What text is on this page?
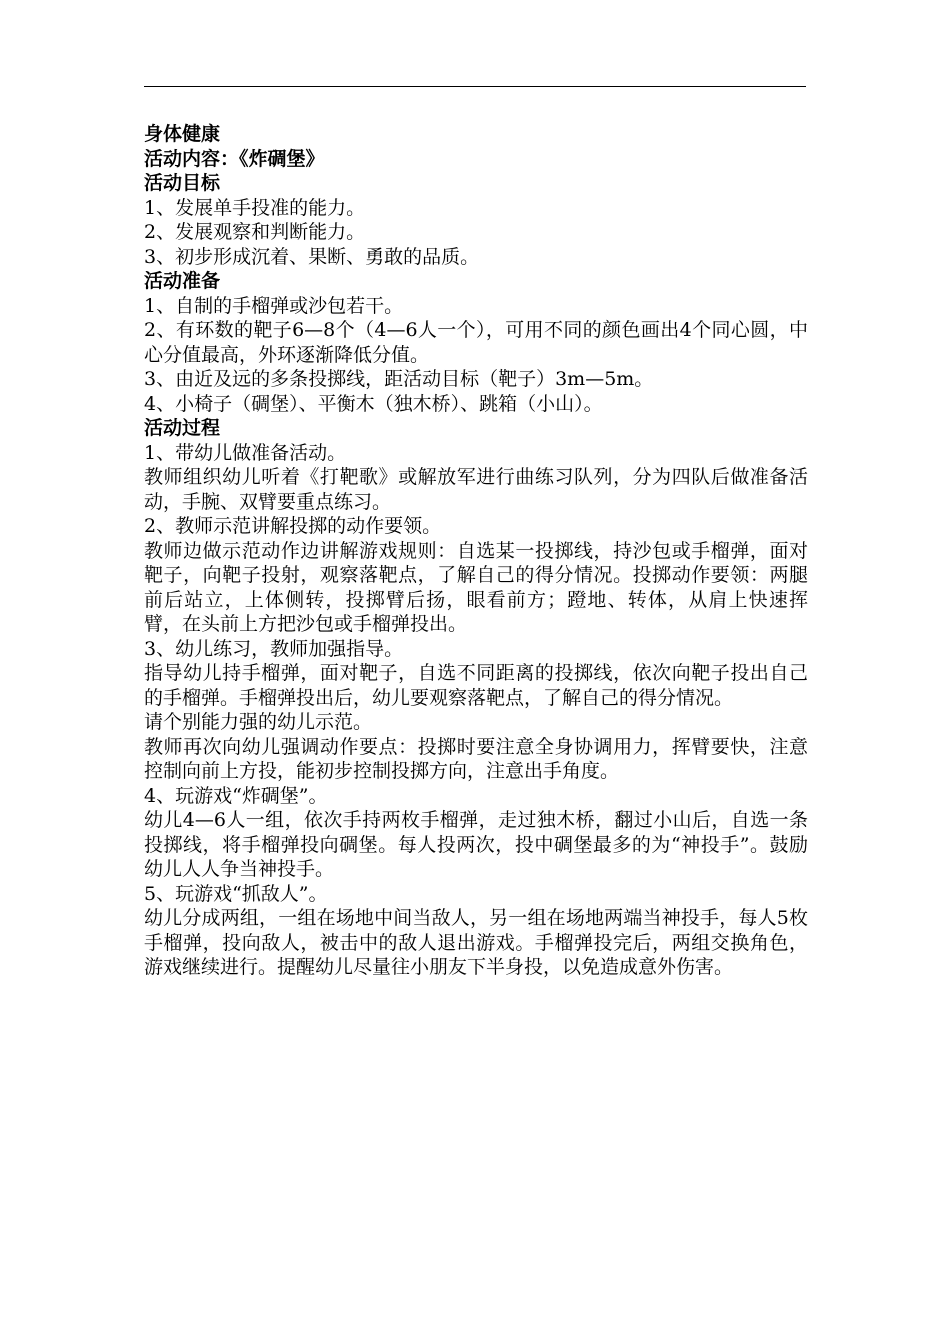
身体健康
活动内容：《炸碉堡》
活动目标
1、发展单手投准的能力。
2、发展观察和判断能力。
3、初步形成沉着、果断、勇敢的品质。
活动准备
1、自制的手榴弹或沙包若干。
2、有环数的靶子6—8个（4—6人一个），可用不同的颜色画出4个同心圆，中心分值最高，外环逐渐降低分值。
3、由近及远的多条投掷线，距活动目标（靶子）3m—5m。
4、小椅子（碉堡）、平衡木（独木桥）、跳箱（小山）。
活动过程
1、带幼儿做准备活动。
教师组织幼儿听着《打靶歌》或解放军进行曲练习队列，分为四队后做准备活动，手腕、双臂要重点练习。
2、教师示范讲解投掷的动作要领。
教师边做示范动作边讲解游戏规则：自选某一投掷线，持沙包或手榴弹，面对靶子，向靶子投射，观察落靶点，了解自己的得分情况。投掷动作要领：两腿前后站立，上体侧转，投掷臂后扬，眼看前方；蹬地、转体，从肩上快速挥臂，在头前上方把沙包或手榴弹投出。
3、幼儿练习，教师加强指导。
指导幼儿持手榴弹，面对靶子，自选不同距离的投掷线，依次向靶子投出自己的手榴弹。手榴弹投出后，幼儿要观察落靶点，了解自己的得分情况。
请个别能力强的幼儿示范。
教师再次向幼儿强调动作要点：投掷时要注意全身协调用力，挥臂要快，注意控制向前上方投，能初步控制投掷方向，注意出手角度。
4、玩游戏“炸碉堡”。
幼儿4—6人一组，依次手持两枚手榴弹，走过独木桥，翻过小山后，自选一条投掷线，将手榴弹投向碉堡。每人投两次，投中碉堡最多的为“神投手”。鼓励幼儿人人争当神投手。
5、玩游戏“抓敌人”。
幼儿分成两组，一组在场地中间当敌人，另一组在场地两端当神投手，每人5枚手榴弹，投向敌人，被击中的敌人退出游戏。手榴弹投完后，两组交换角色，游戏继续进行。提醒幼儿尽量往小朋友下半身投，以免造成意外伤害。
